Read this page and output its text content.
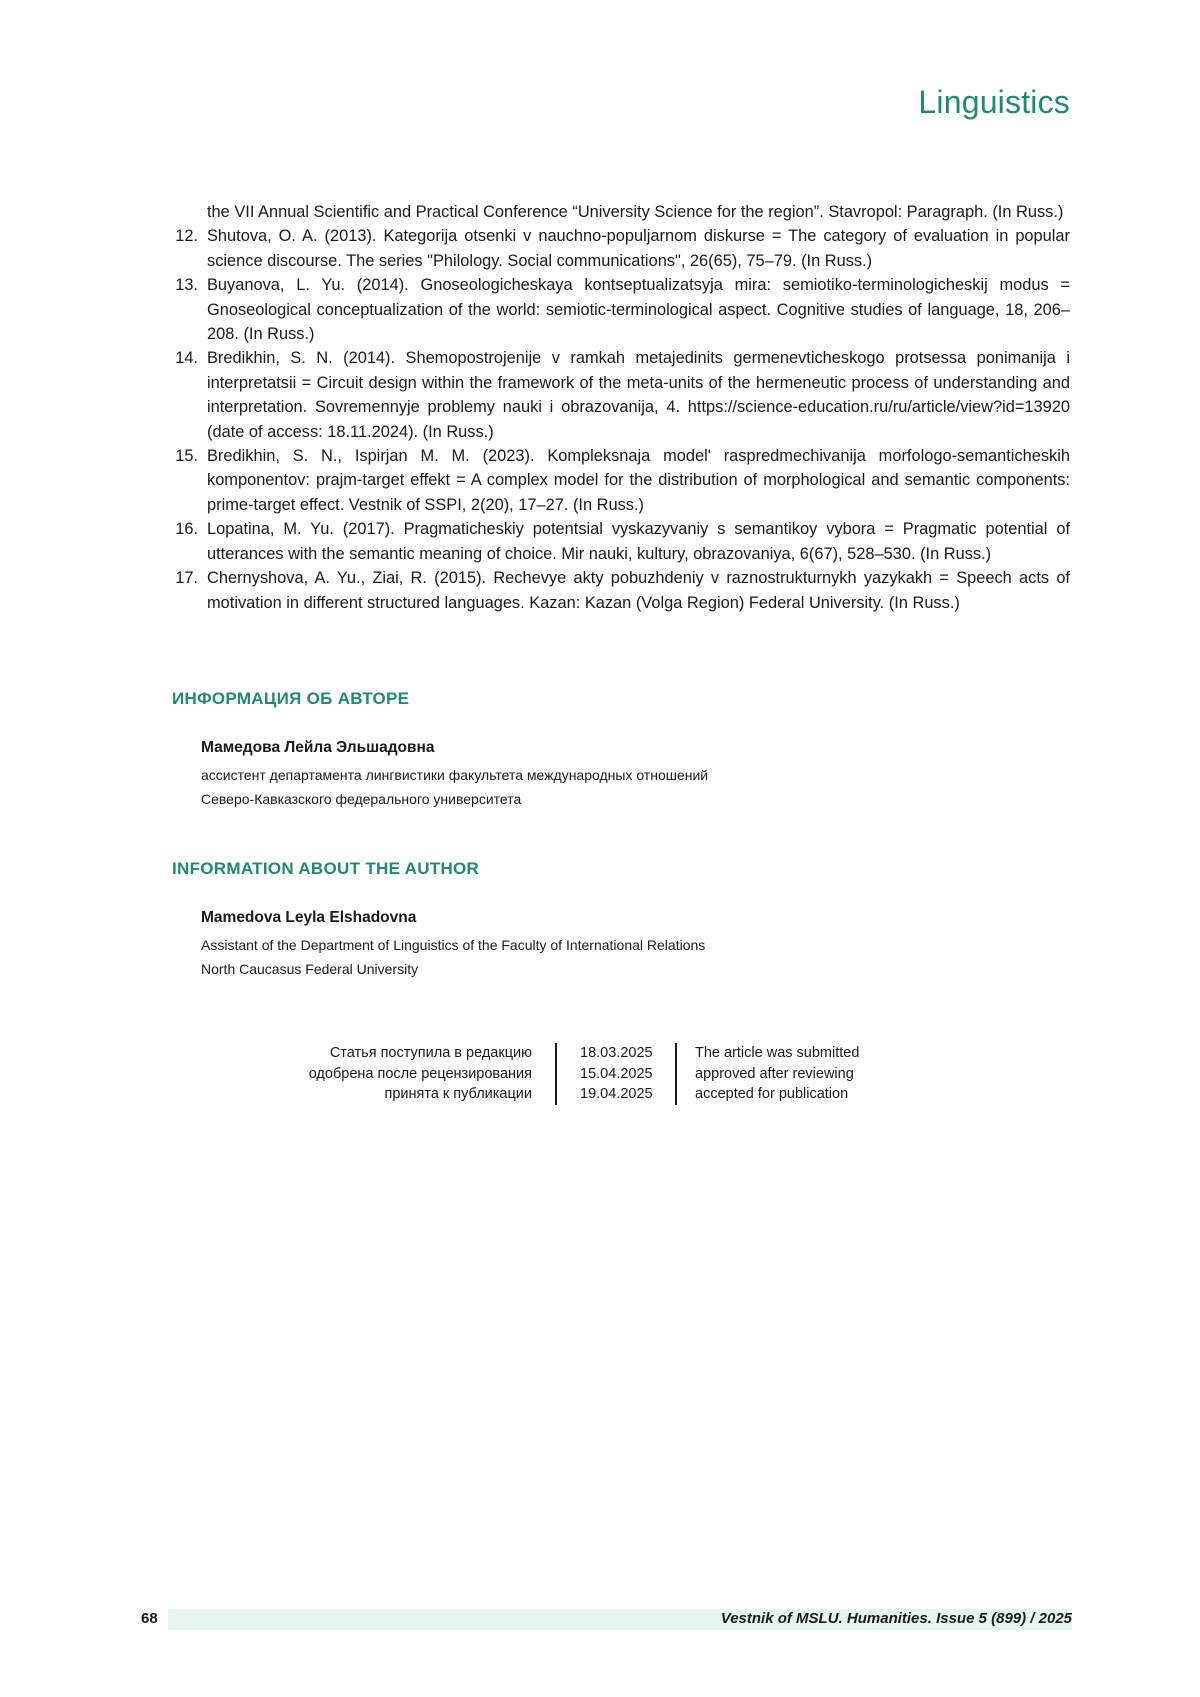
Linguistics
the VII Annual Scientific and Practical Conference “University Science for the region”. Stavropol: Paragraph. (In Russ.)
12. Shutova, O. A. (2013). Kategorija otsenki v nauchno-populjarnom diskurse = The category of evaluation in popular science discourse. The series "Philology. Social communications", 26(65), 75–79. (In Russ.)
13. Buyanova, L. Yu. (2014). Gnoseologicheskaya kontseptualizatsyja mira: semiotiko-terminologicheskij modus = Gnoseological conceptualization of the world: semiotic-terminological aspect. Cognitive studies of language, 18, 206–208. (In Russ.)
14. Bredikhin, S. N. (2014). Shemopostrojenije v ramkah metajedinits germenevticheskogo protsessa ponimanija i interpretatsii = Circuit design within the framework of the meta-units of the hermeneutic process of understanding and interpretation. Sovremennyje problemy nauki i obrazovanija, 4. https://science-education.ru/ru/article/view?id=13920 (date of access: 18.11.2024). (In Russ.)
15. Bredikhin, S. N., Ispirjan M. M. (2023). Kompleksnaja model' raspredmechivanija morfologo-semanticheskih komponentov: prajm-target effekt = A complex model for the distribution of morphological and semantic components: prime-target effect. Vestnik of SSPI, 2(20), 17–27. (In Russ.)
16. Lopatina, M. Yu. (2017). Pragmaticheskiy potentsial vyskazyvaniy s semantikoy vybora = Pragmatic potential of utterances with the semantic meaning of choice. Mir nauki, kultury, obrazovaniya, 6(67), 528–530. (In Russ.)
17. Chernyshova, A. Yu., Ziai, R. (2015). Rechevye akty pobuzhdeniy v raznostrukturnykh yazykakh = Speech acts of motivation in different structured languages. Kazan: Kazan (Volga Region) Federal University. (In Russ.)
ИНФОРМАЦИЯ ОБ АВТОРЕ
Мамедова Лейла Эльшадовна
ассистент департамента лингвистики факультета международных отношений
Северо-Кавказского федерального университета
INFORMATION ABOUT THE AUTHOR
Mamedova Leyla Elshadovna
Assistant of the Department of Linguistics of the Faculty of International Relations
North Caucasus Federal University
Статья поступила в редакцию
одобрена после рецензирования
принята к публикации
18.03.2025
15.04.2025
19.04.2025
The article was submitted
approved after reviewing
accepted for publication
68	Vestnik of MSLU. Humanities. Issue 5 (899) / 2025
